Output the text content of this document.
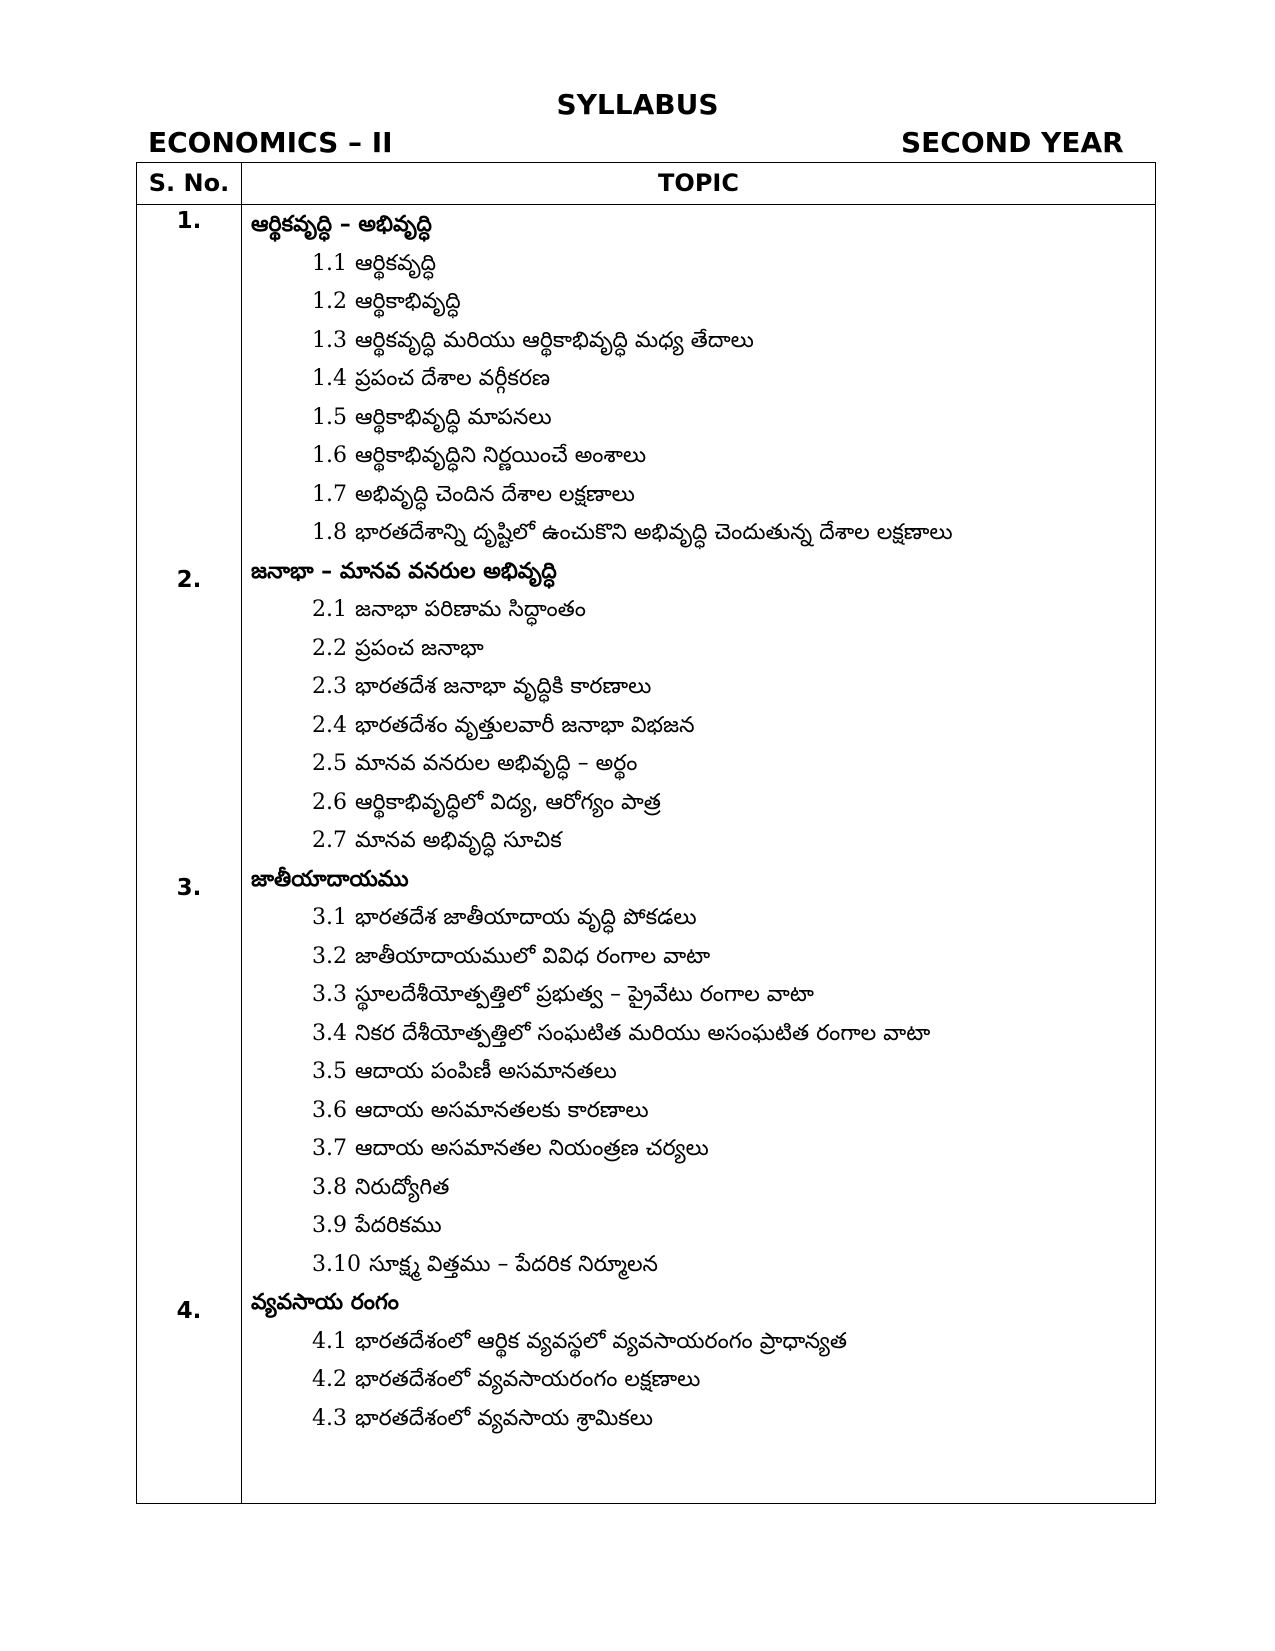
SYLLABUS
ECONOMICS – II	SECOND YEAR
S. No.	TOPIC
1.	ఆర్థికవృద్ధి – అభివృద్ధి
1.1 ఆర్థికవృద్ధి
1.2 ఆర్థికాభివృద్ధి
1.3 ఆర్థికవృద్ధి మరియు ఆర్థికాభివృద్ధి మధ్య తేదాలు
1.4 ప్రపంచ దేశాల వర్గీకరణ
1.5 ఆర్థికాభివృద్ధి మాపనలు
1.6 ఆర్థికాభివృద్ధిని నిర్ణయించే అంశాలు
1.7 అభివృద్ధి చెందిన దేశాల లక్షణాలు
1.8 భారతదేశాన్ని దృష్టిలో ఉంచుకొని అభివృద్ధి చెందుతున్న దేశాల లక్షణాలు
2.	జనాభా – మానవ వనరుల అభివృద్ధి
2.1 జనాభా పరిణామ సిద్ధాంతం
2.2 ప్రపంచ జనాభా
2.3 భారతదేశ జనాభా వృద్ధికి కారణాలు
2.4 భారతదేశం వృత్తులవారీ జనాభా విభజన
2.5 మానవ వనరుల అభివృద్ధి – అర్థం
2.6 ఆర్థికాభివృద్ధిలో విద్య, ఆరోగ్యం పాత్ర
2.7 మానవ అభివృద్ధి సూచిక
3.	జాతీయాదాయము
3.1 భారతదేశ జాతీయాదాయ వృద్ధి పోకడలు
3.2 జాతీయాదాయములో వివిధ రంగాల వాటా
3.3 స్థూలదేశీయోత్పత్తిలో ప్రభుత్వ – ప్రైవేటు రంగాల వాటా
3.4 నికర దేశీయోత్పత్తిలో సంఘటిత మరియు అసంఘటిత రంగాల వాటా
3.5 ఆదాయ పంపిణీ అసమానతలు
3.6 ఆదాయ అసమానతలకు కారణాలు
3.7 ఆదాయ అసమానతల నియంత్రణ చర్యలు
3.8 నిరుద్యోగిత
3.9 పేదరికము
3.10 సూక్ష్మ విత్తము – పేదరిక నిర్మూలన
4.	వ్యవసాయ రంగం
4.1 భారతదేశంలో ఆర్థిక వ్యవస్థలో వ్యవసాయరంగం ప్రాధాన్యత
4.2 భారతదేశంలో వ్యవసాయరంగం లక్షణాలు
4.3 భారతదేశంలో వ్యవసాయ శ్రామికలు
